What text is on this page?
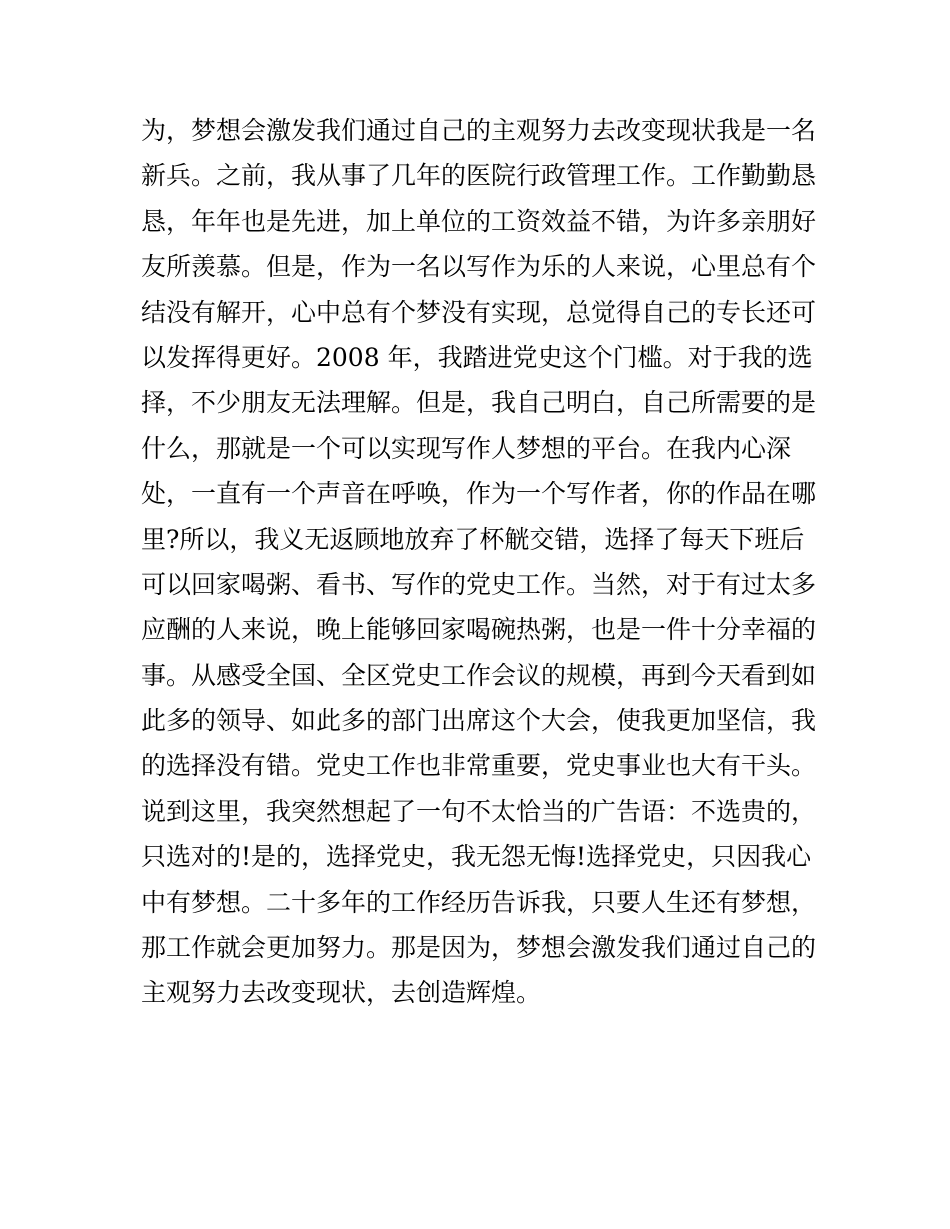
为，梦想会激发我们通过自己的主观努力去改变现状我是一名
新兵。之前，我从事了几年的医院行政管理工作。工作勤勤恳
恳，年年也是先进，加上单位的工资效益不错，为许多亲朋好
友所羡慕。但是，作为一名以写作为乐的人来说，心里总有个
结没有解开，心中总有个梦没有实现，总觉得自己的专长还可
以发挥得更好。2008 年，我踏进党史这个门槛。对于我的选
择，不少朋友无法理解。但是，我自己明白，自己所需要的是
什么，那就是一个可以实现写作人梦想的平台。在我内心深
处，一直有一个声音在呼唤，作为一个写作者，你的作品在哪
里?所以，我义无返顾地放弃了杯觥交错，选择了每天下班后
可以回家喝粥、看书、写作的党史工作。当然，对于有过太多
应酬的人来说，晚上能够回家喝碗热粥，也是一件十分幸福的
事。从感受全国、全区党史工作会议的规模，再到今天看到如
此多的领导、如此多的部门出席这个大会，使我更加坚信，我
的选择没有错。党史工作也非常重要，党史事业也大有干头。
说到这里，我突然想起了一句不太恰当的广告语：不选贵的，
只选对的!是的，选择党史，我无怨无悔!选择党史，只因我心
中有梦想。二十多年的工作经历告诉我，只要人生还有梦想，
那工作就会更加努力。那是因为，梦想会激发我们通过自己的
主观努力去改变现状，去创造辉煌。
